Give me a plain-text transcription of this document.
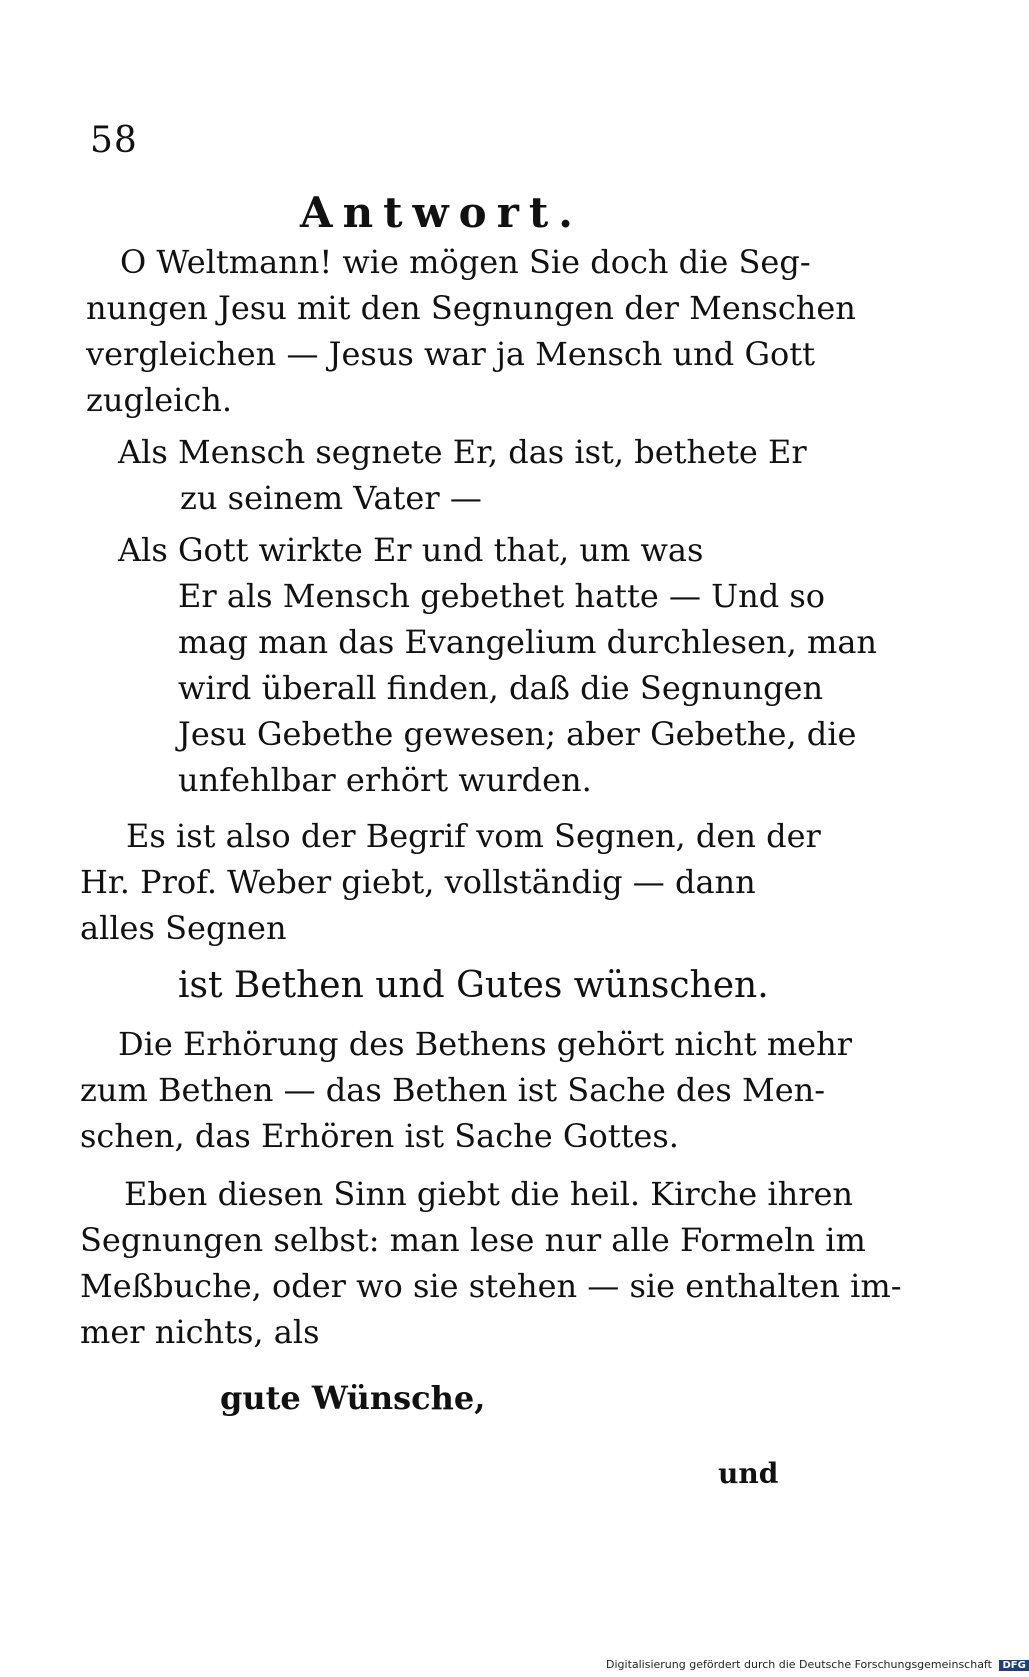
58
Antwort.
O Weltmann! wie mögen Sie doch die Seg-
nungen Jesu mit den Segnungen der Menschen
vergleichen — Jesus war ja Mensch und Gott
zugleich.
Als Mensch segnete Er, das ist, bethete Er
zu seinem Vater —
Als Gott wirkte Er und that, um was
Er als Mensch gebethet hatte — Und so
mag man das Evangelium durchlesen, man
wird überall finden, daß die Segnungen
Jesu Gebethe gewesen; aber Gebethe, die
unfehlbar erhört wurden.
Es ist also der Begrif vom Segnen, den der
Hr. Prof. Weber giebt, vollständig — dann
alles Segnen
ist Bethen und Gutes wünschen.
Die Erhörung des Bethens gehört nicht mehr
zum Bethen — das Bethen ist Sache des Men-
schen, das Erhören ist Sache Gottes.
Eben diesen Sinn giebt die heil. Kirche ihren
Segnungen selbst: man lese nur alle Formeln im
Meßbuche, oder wo sie stehen — sie enthalten im-
mer nichts, als
gute Wünsche,
und
Digitalisierung gefördert durch die Deutsche Forschungsgemeinschaft DFG
